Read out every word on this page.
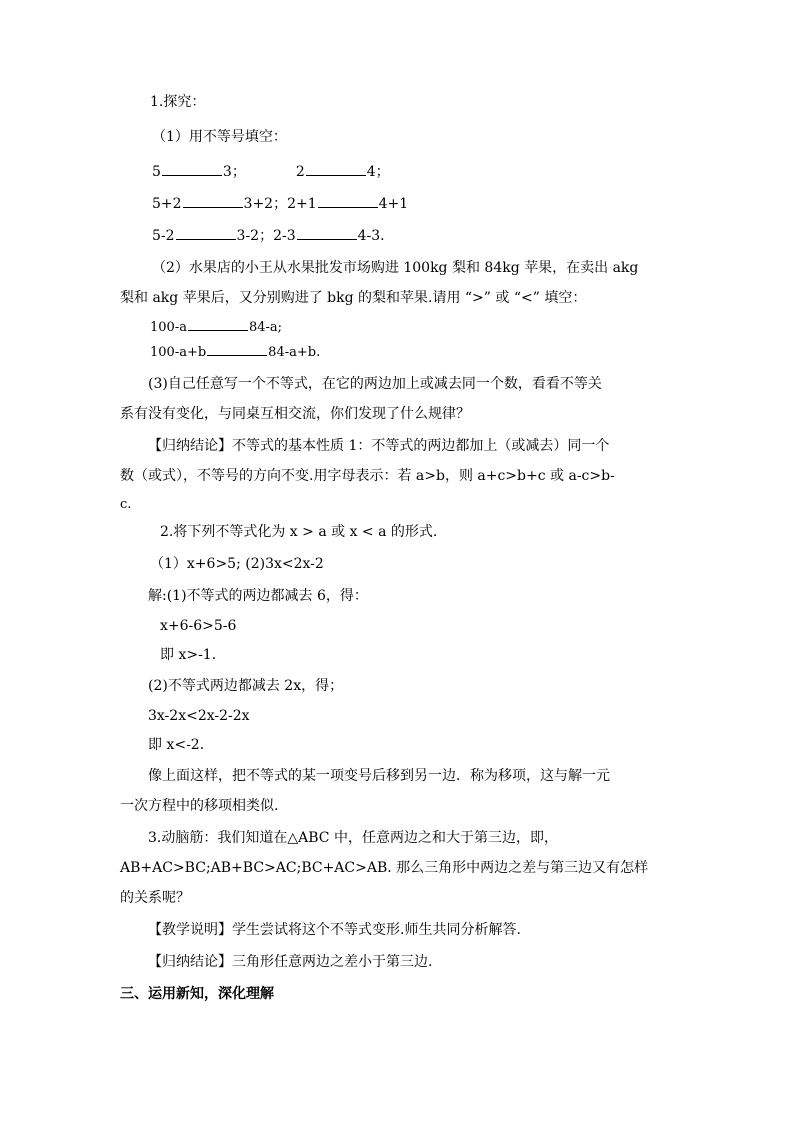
1.探究：
（1）用不等号填空：
5	3；	2	4；
5+2	3+2；2+1	4+1
5-2	3-2；2-3	4-3.
（2）水果店的小王从水果批发市场购进 100kg 梨和 84kg 苹果，在卖出 akg
梨和 akg 苹果后，又分别购进了 bkg 的梨和苹果.请用 “>” 或 “<” 填空：
100-a	84-a;
100-a+b	84-a+b.
(3)自己任意写一个不等式，在它的两边加上或减去同一个数，看看不等关
系有没有变化，与同桌互相交流，你们发现了什么规律？
【归纳结论】不等式的基本性质 1：不等式的两边都加上（或减去）同一个
数（或式），不等号的方向不变.用字母表示：若 a>b，则 a+c>b+c 或 a-c>b-
c.
2.将下列不等式化为 x > a 或 x < a 的形式.
（1）x+6>5; (2)3x<2x-2
解:(1)不等式的两边都减去 6，得：
x+6-6>5-6
即 x>-1.
(2)不等式两边都减去 2x，得；
3x-2x<2x-2-2x
即 x<-2.
像上面这样，把不等式的某一项变号后移到另一边．称为移项，这与解一元
一次方程中的移项相类似.
3.动脑筋：我们知道在△ABC 中，任意两边之和大于第三边，即，
AB+AC>BC;AB+BC>AC;BC+AC>AB. 那么三角形中两边之差与第三边又有怎样
的关系呢？
【教学说明】学生尝试将这个不等式变形.师生共同分析解答.
【归纳结论】三角形任意两边之差小于第三边.
三、运用新知，深化理解
